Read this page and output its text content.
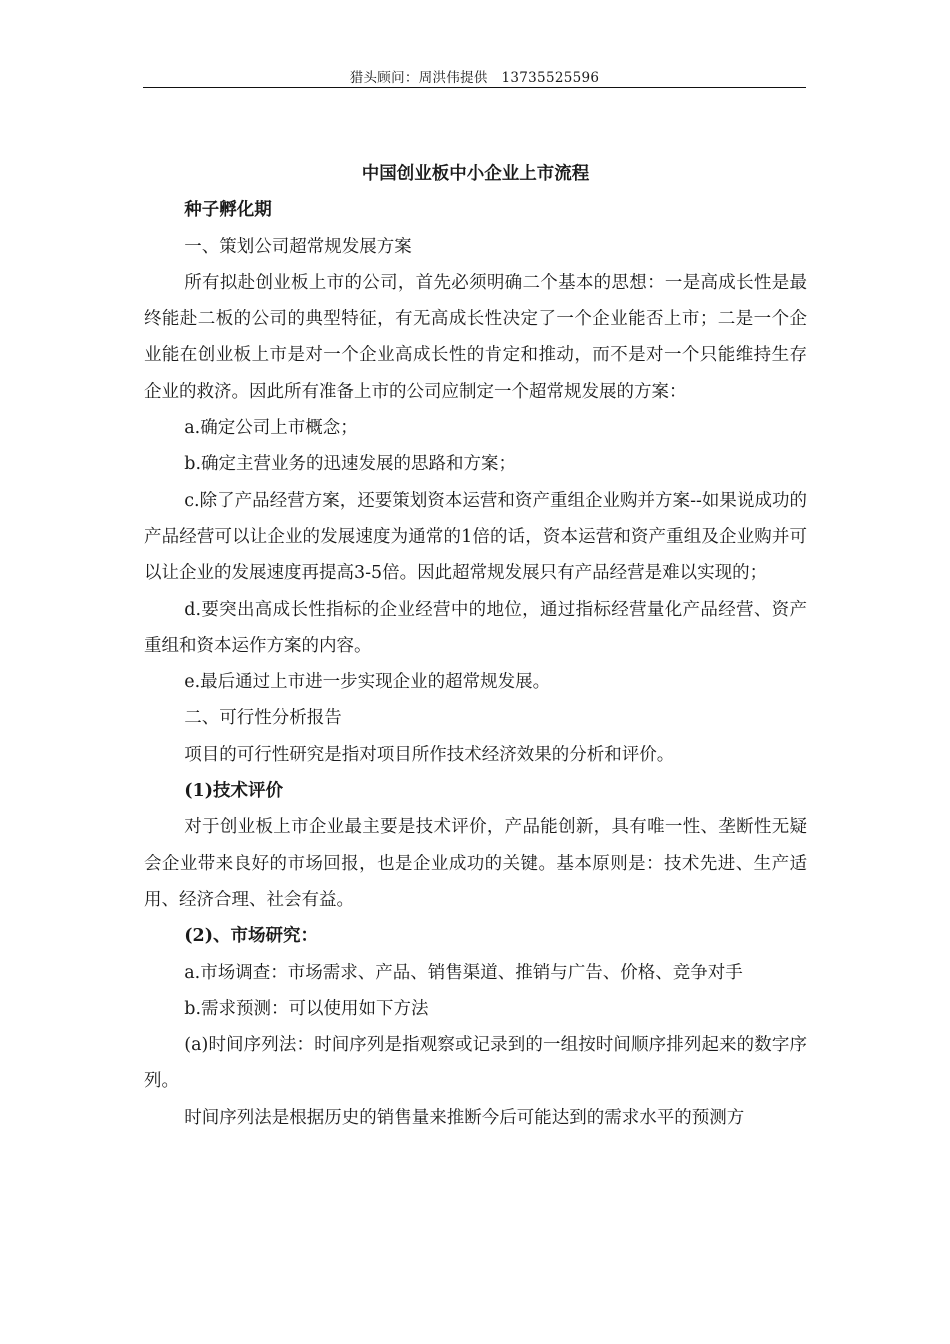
猎头顾问：周洪伟提供　13735525596
中国创业板中小企业上市流程

种子孵化期

一、策划公司超常规发展方案

所有拟赴创业板上市的公司，首先必须明确二个基本的思想：一是高成长性是最终能赴二板的公司的典型特征，有无高成长性决定了一个企业能否上市；二是一个企业能在创业板上市是对一个企业高成长性的肯定和推动，而不是对一个只能维持生存企业的救济。因此所有准备上市的公司应制定一个超常规发展的方案：

a.确定公司上市概念；

b.确定主营业务的迅速发展的思路和方案；

c.除了产品经营方案，还要策划资本运营和资产重组企业购并方案--如果说成功的产品经营可以让企业的发展速度为通常的1倍的话，资本运营和资产重组及企业购并可以让企业的发展速度再提高3-5倍。因此超常规发展只有产品经营是难以实现的；

d.要突出高成长性指标的企业经营中的地位，通过指标经营量化产品经营、资产重组和资本运作方案的内容。

e.最后通过上市进一步实现企业的超常规发展。

二、可行性分析报告

项目的可行性研究是指对项目所作技术经济效果的分析和评价。

(1)技术评价

对于创业板上市企业最主要是技术评价，产品能创新，具有唯一性、垄断性无疑会企业带来良好的市场回报，也是企业成功的关键。基本原则是：技术先进、生产适用、经济合理、社会有益。

(2)、市场研究：

a.市场调查：市场需求、产品、销售渠道、推销与广告、价格、竞争对手

b.需求预测：可以使用如下方法

(a)时间序列法：时间序列是指观察或记录到的一组按时间顺序排列起来的数字序列。

时间序列法是根据历史的销售量来推断今后可能达到的需求水平的预测方
